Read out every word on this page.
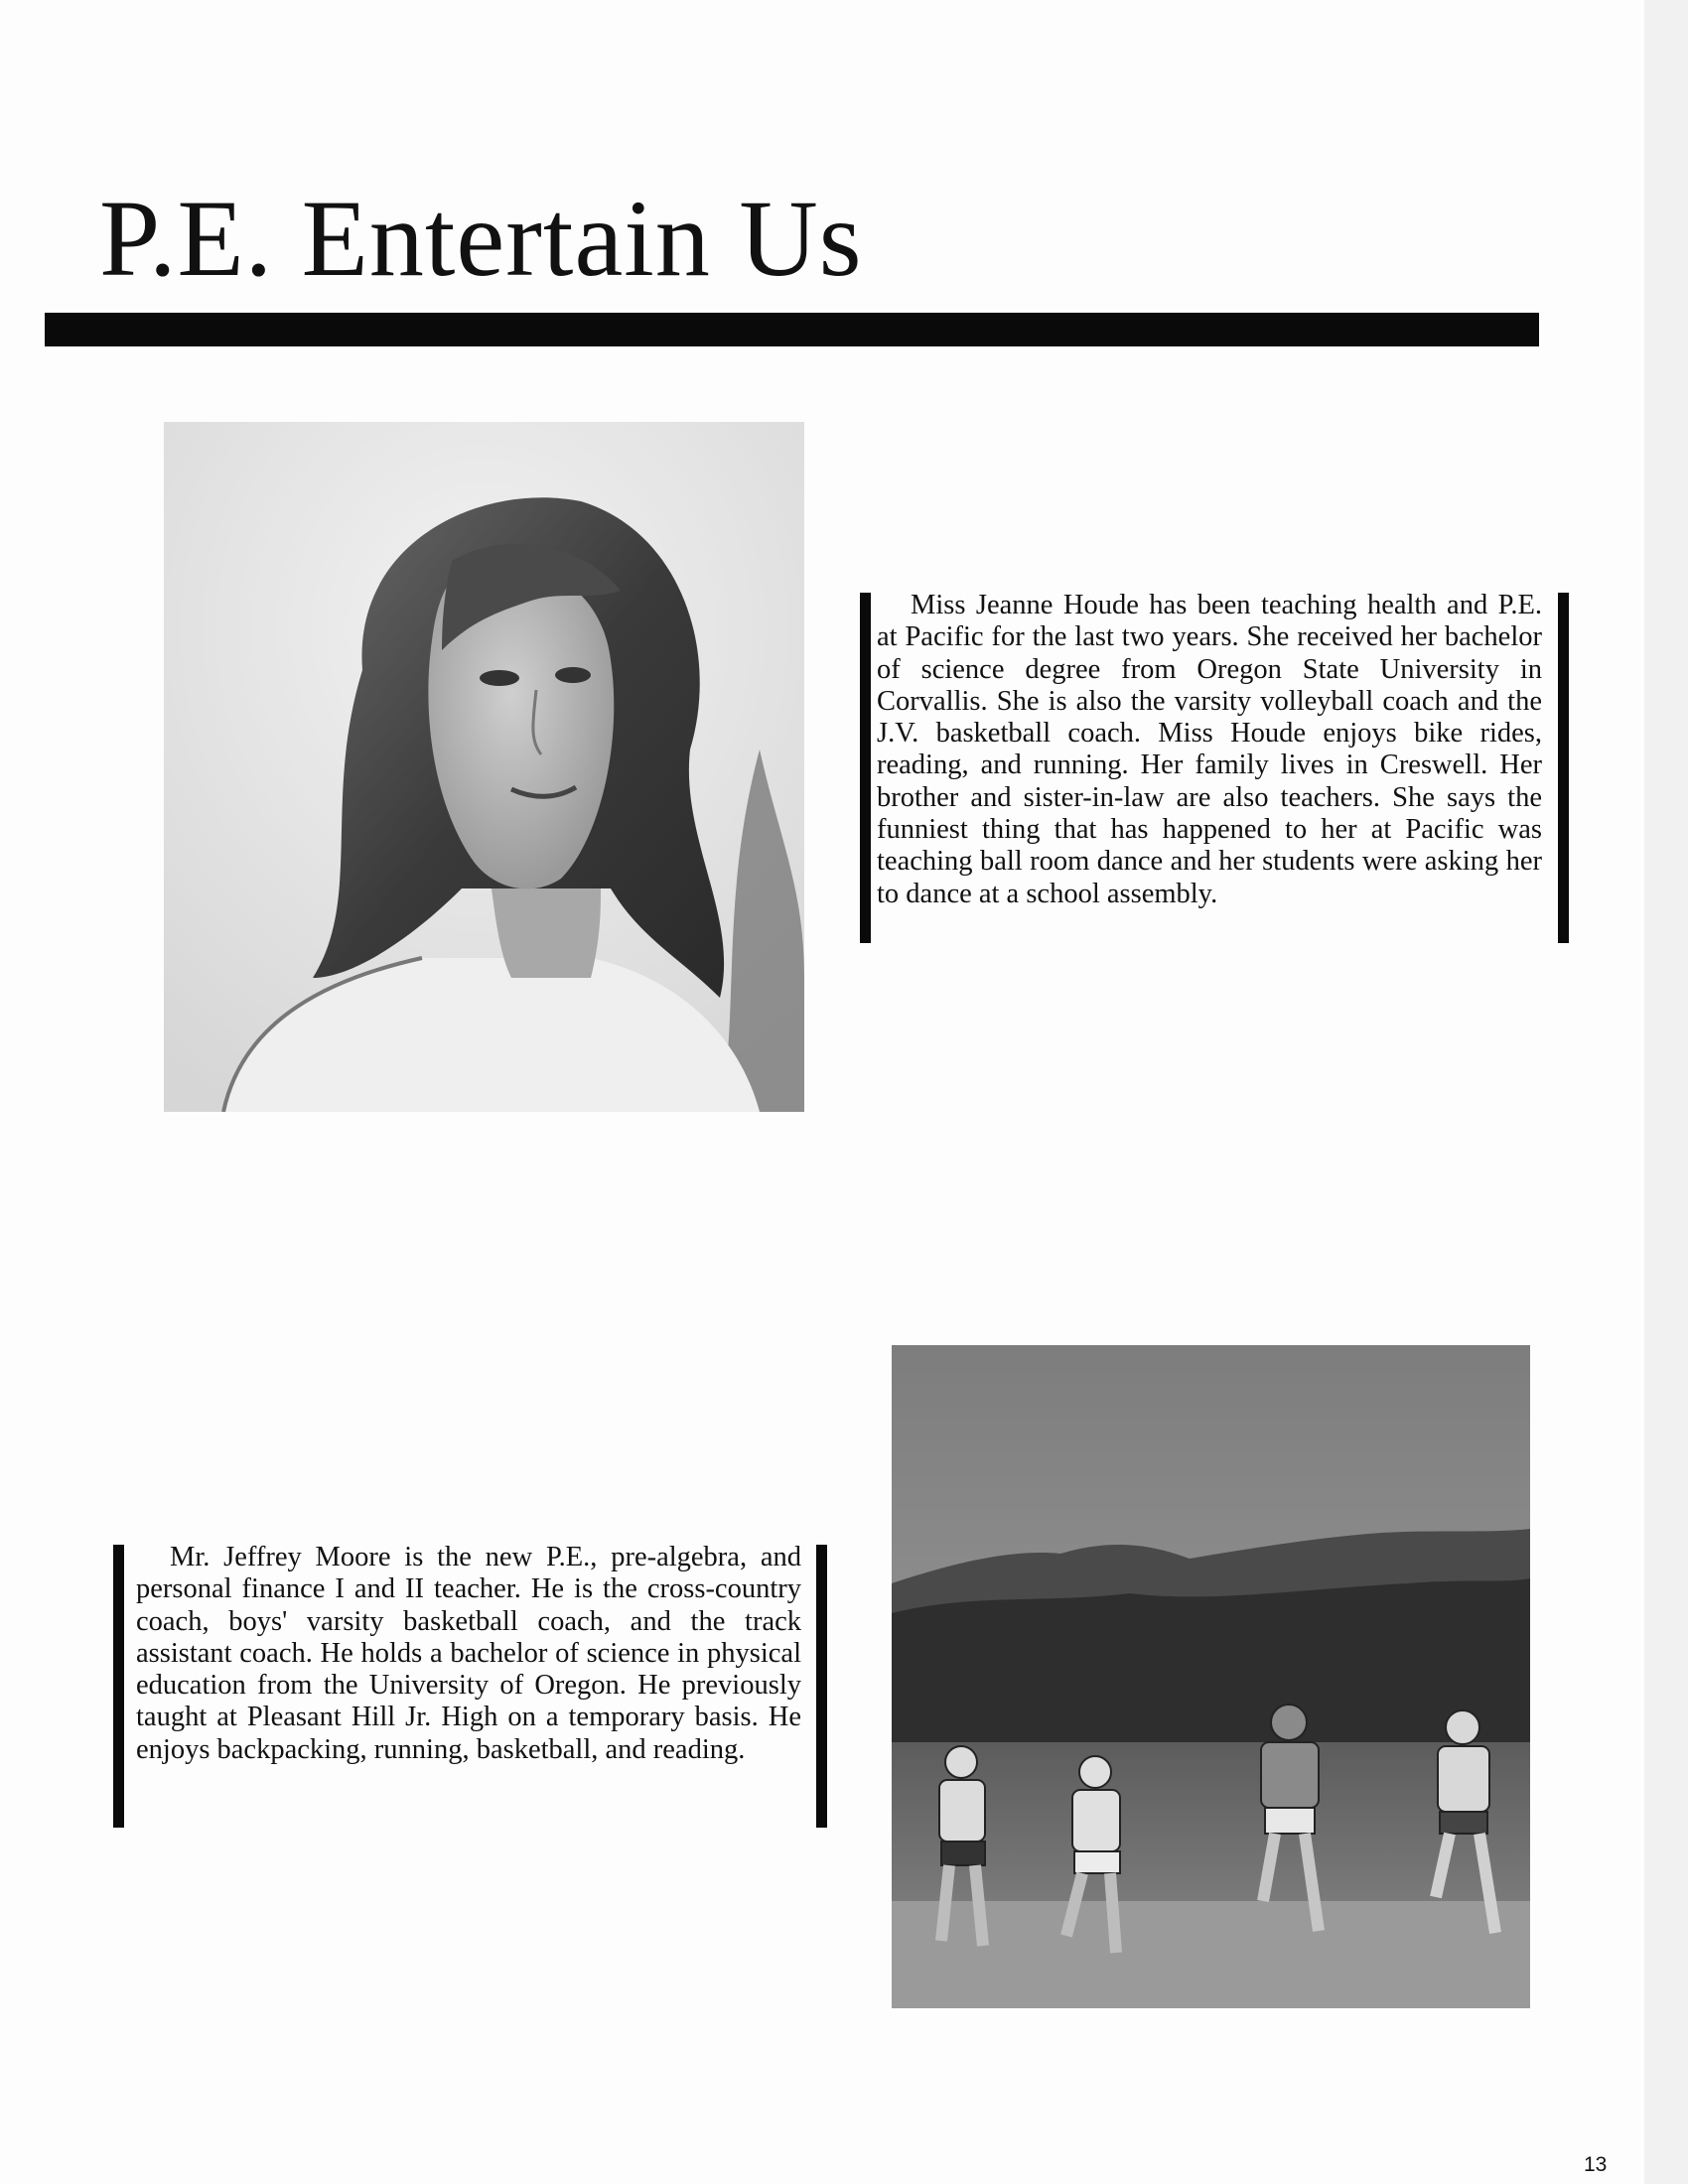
P.E. Entertain Us

Miss Jeanne Houde has been teaching health and P.E. at Pacific for the last two years. She received her bachelor of science degree from Oregon State University in Corvallis. She is also the varsity volleyball coach and the J.V. basketball coach. Miss Houde enjoys bike rides, reading, and running. Her family lives in Creswell. Her brother and sister-in-law are also teachers. She says the funniest thing that has happened to her at Pacific was teaching ball room dance and her students were asking her to dance at a school assembly.

Mr. Jeffrey Moore is the new P.E., pre-algebra, and personal finance I and II teacher. He is the cross-country coach, boys' varsity basketball coach, and the track assistant coach. He holds a bachelor of science in physical education from the University of Oregon. He previously taught at Pleasant Hill Jr. High on a temporary basis. He enjoys backpacking, running, basketball, and reading.

13
